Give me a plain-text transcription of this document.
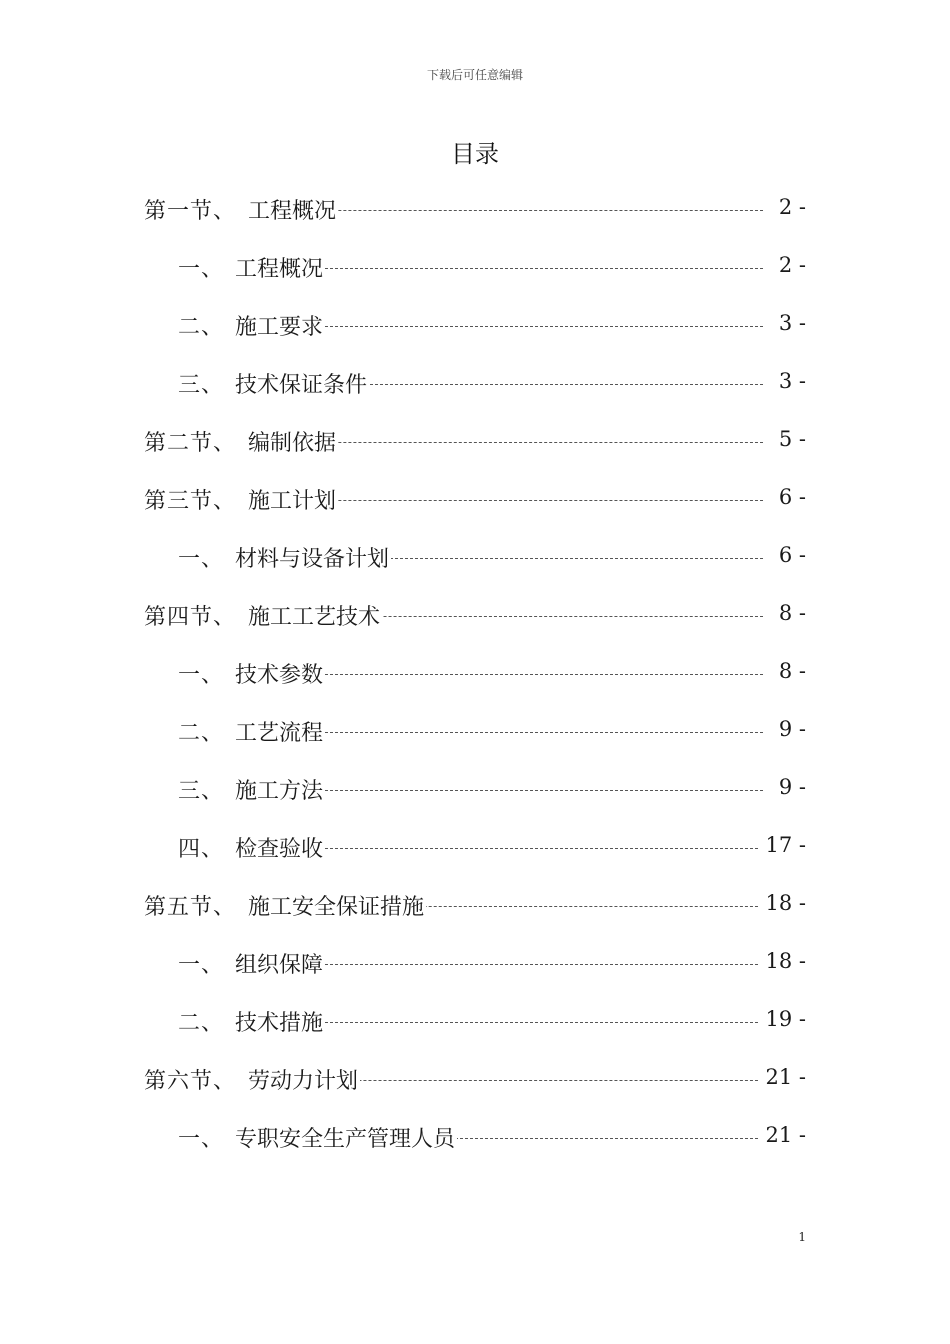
下载后可任意编辑
目录
第一节、 工程概况	2 -
一、 工程概况	2 -
二、 施工要求	3 -
三、 技术保证条件	3 -
第二节、 编制依据	5 -
第三节、 施工计划	6 -
一、 材料与设备计划	6 -
第四节、 施工工艺技术	8 -
一、 技术参数	8 -
二、 工艺流程	9 -
三、 施工方法	9 -
四、 检查验收	17 -
第五节、 施工安全保证措施	18 -
一、 组织保障	18 -
二、 技术措施	19 -
第六节、 劳动力计划	21 -
一、 专职安全生产管理人员	21 -
1
